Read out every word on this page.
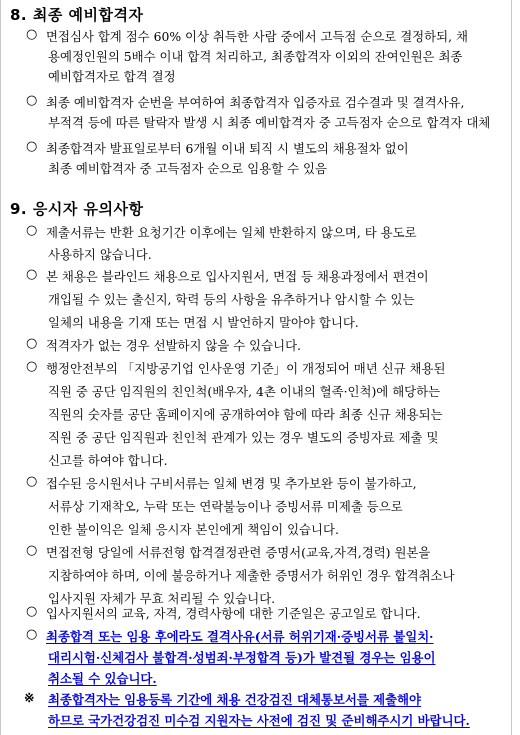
8. 최종 예비합격자
○ 면접심사 합계 점수 60% 이상 취득한 사람 중에서 고득점 순으로 결정하되, 채
용예정인원의 5배수 이내 합격 처리하고, 최종합격자 이외의 잔여인원은 최종
예비합격자로 합격 결정
○ 최종 예비합격자 순번을 부여하여 최종합격자 입증자료 검수결과 및 결격사유,
부적격 등에 따른 탈락자 발생 시 최종 예비합격자 중 고득점자 순으로 합격자 대체
○ 최종합격자 발표일로부터 6개월 이내 퇴직 시 별도의 채용절차 없이
최종 예비합격자 중 고득점자 순으로 임용할 수 있음
9. 응시자 유의사항
○ 제출서류는 반환 요청기간 이후에는 일체 반환하지 않으며, 타 용도로
사용하지 않습니다.
○ 본 채용은 블라인드 채용으로 입사지원서, 면접 등 채용과정에서 편견이
개입될 수 있는 출신지, 학력 등의 사항을 유추하거나 암시할 수 있는
일체의 내용을 기재 또는 면접 시 발언하지 말아야 합니다.
○ 적격자가 없는 경우 선발하지 않을 수 있습니다.
○ 행정안전부의 「지방공기업 인사운영 기준」이 개정되어 매년 신규 채용된
직원 중 공단 임직원의 친인척(배우자, 4촌 이내의 혈족·인척)에 해당하는
직원의 숫자를 공단 홈페이지에 공개하여야 함에 따라 최종 신규 채용되는
직원 중 공단 임직원과 친인척 관계가 있는 경우 별도의 증빙자료 제출 및
신고를 하여야 합니다.
○ 접수된 응시원서나 구비서류는 일체 변경 및 추가보완 등이 불가하고,
서류상 기재착오, 누락 또는 연락불능이나 증빙서류 미제출 등으로
인한 불이익은 일체 응시자 본인에게 책임이 있습니다.
○ 면접전형 당일에 서류전형 합격결정관련 증명서(교육,자격,경력) 원본을
지참하여야 하며, 이에 불응하거나 제출한 증명서가 허위인 경우 합격취소나
입사지원 자체가 무효 처리될 수 있습니다.
○ 입사지원서의 교육, 자격, 경력사항에 대한 기준일은 공고일로 합니다.
○ 최종합격 또는 임용 후에라도 결격사유(서류 허위기재·증빙서류 불일치·
대리시험·신체검사 불합격·성범죄·부정합격 등)가 발견될 경우는 임용이
취소될 수 있습니다.
※ 최종합격자는 임용등록 기간에 채용 건강검진 대체통보서를 제출해야
하므로 국가건강검진 미수검 지원자는 사전에 검진 및 준비해주시기 바랍니다.
